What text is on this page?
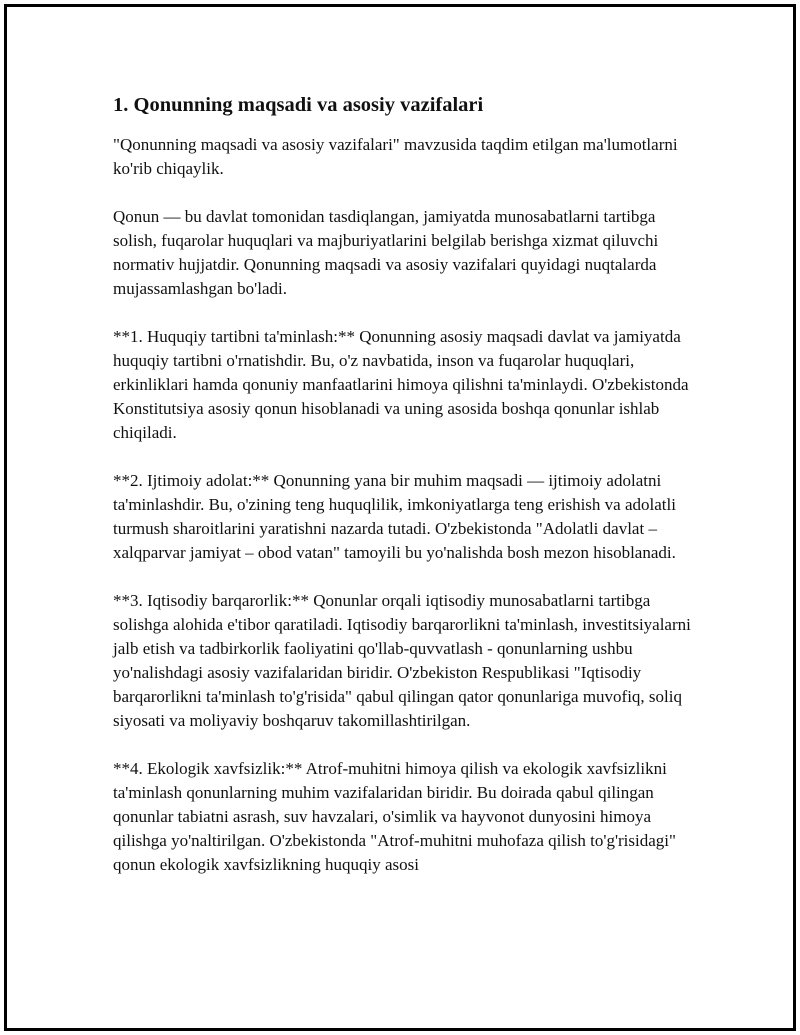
1. Qonunning maqsadi va asosiy vazifalari

"Qonunning maqsadi va asosiy vazifalari" mavzusida taqdim etilgan ma'lumotlarni ko'rib chiqaylik.

Qonun — bu davlat tomonidan tasdiqlangan, jamiyatda munosabatlarni tartibga solish, fuqarolar huquqlari va majburiyatlarini belgilab berishga xizmat qiluvchi normativ hujjatdir. Qonunning maqsadi va asosiy vazifalari quyidagi nuqtalarda mujassamlashgan bo'ladi.

**1. Huquqiy tartibni ta'minlash:** Qonunning asosiy maqsadi davlat va jamiyatda huquqiy tartibni o'rnatishdir. Bu, o'z navbatida, inson va fuqarolar huquqlari, erkinliklari hamda qonuniy manfaatlarini himoya qilishni ta'minlaydi. O'zbekistonda Konstitutsiya asosiy qonun hisoblanadi va uning asosida boshqa qonunlar ishlab chiqiladi.

**2. Ijtimoiy adolat:** Qonunning yana bir muhim maqsadi — ijtimoiy adolatni ta'minlashdir. Bu, o'zining teng huquqlilik, imkoniyatlarga teng erishish va adolatli turmush sharoitlarini yaratishni nazarda tutadi. O'zbekistonda "Adolatli davlat – xalqparvar jamiyat – obod vatan" tamoyili bu yo'nalishda bosh mezon hisoblanadi.

**3. Iqtisodiy barqarorlik:** Qonunlar orqali iqtisodiy munosabatlarni tartibga solishga alohida e'tibor qaratiladi. Iqtisodiy barqarorlikni ta'minlash, investitsiyalarni jalb etish va tadbirkorlik faoliyatini qo'llab-quvvatlash - qonunlarning ushbu yo'nalishdagi asosiy vazifalaridan biridir. O'zbekiston Respublikasi "Iqtisodiy barqarorlikni ta'minlash to'g'risida" qabul qilingan qator qonunlariga muvofiq, soliq siyosati va moliyaviy boshqaruv takomillashtirilgan.

**4. Ekologik xavfsizlik:** Atrof-muhitni himoya qilish va ekologik xavfsizlikni ta'minlash qonunlarning muhim vazifalaridan biridir. Bu doirada qabul qilingan qonunlar tabiatni asrash, suv havzalari, o'simlik va hayvonot dunyosini himoya qilishga yo'naltirilgan. O'zbekistonda "Atrof-muhitni muhofaza qilish to'g'risidagi" qonun ekologik xavfsizlikning huquqiy asosi
